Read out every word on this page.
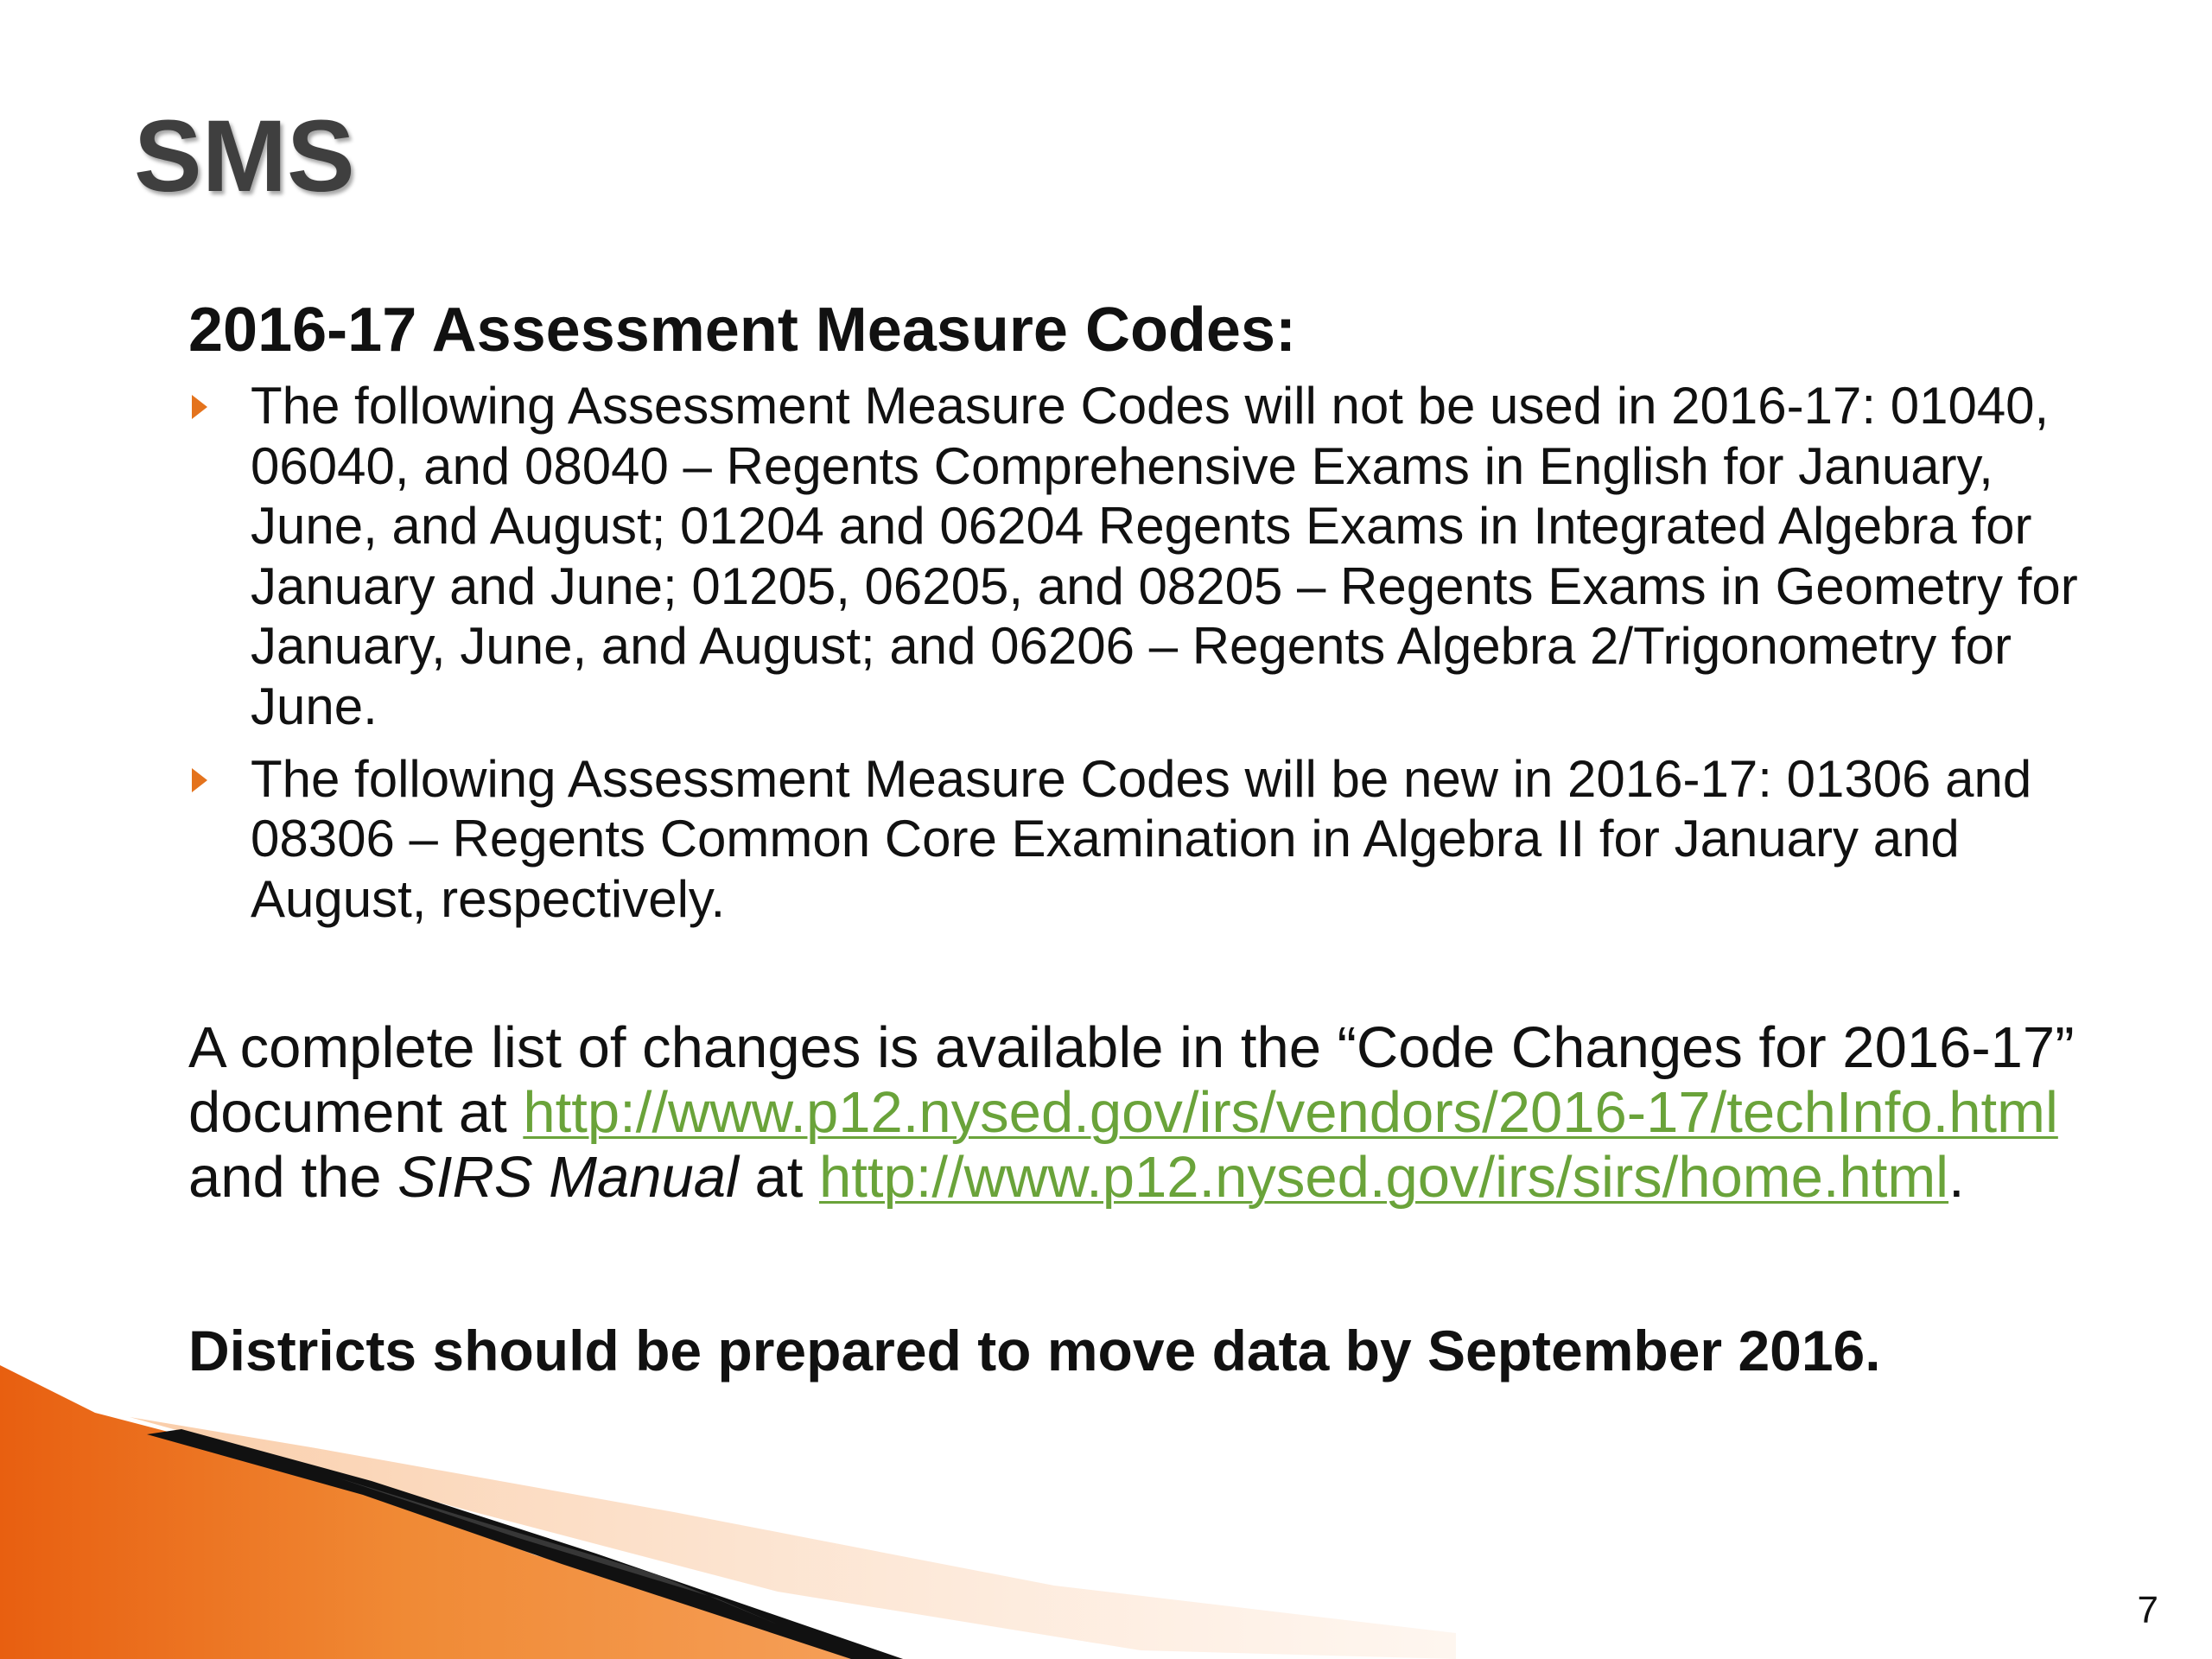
SMS
2016-17 Assessment Measure Codes:
The following Assessment Measure Codes will not be used in 2016-17: 01040, 06040, and 08040 – Regents Comprehensive Exams in English for January, June, and August; 01204 and 06204 Regents Exams in Integrated Algebra for January and June; 01205, 06205, and 08205 – Regents Exams in Geometry for January, June, and August; and 06206 – Regents Algebra 2/Trigonometry for June.
The following Assessment Measure Codes will be new in 2016-17: 01306 and 08306 – Regents Common Core Examination in Algebra II for January and August, respectively.

A complete list of changes is available in the “Code Changes for 2016-17” document at http://www.p12.nysed.gov/irs/vendors/2016-17/techInfo.html and the SIRS Manual at http://www.p12.nysed.gov/irs/sirs/home.html.

Districts should be prepared to move data by September 2016.

7
